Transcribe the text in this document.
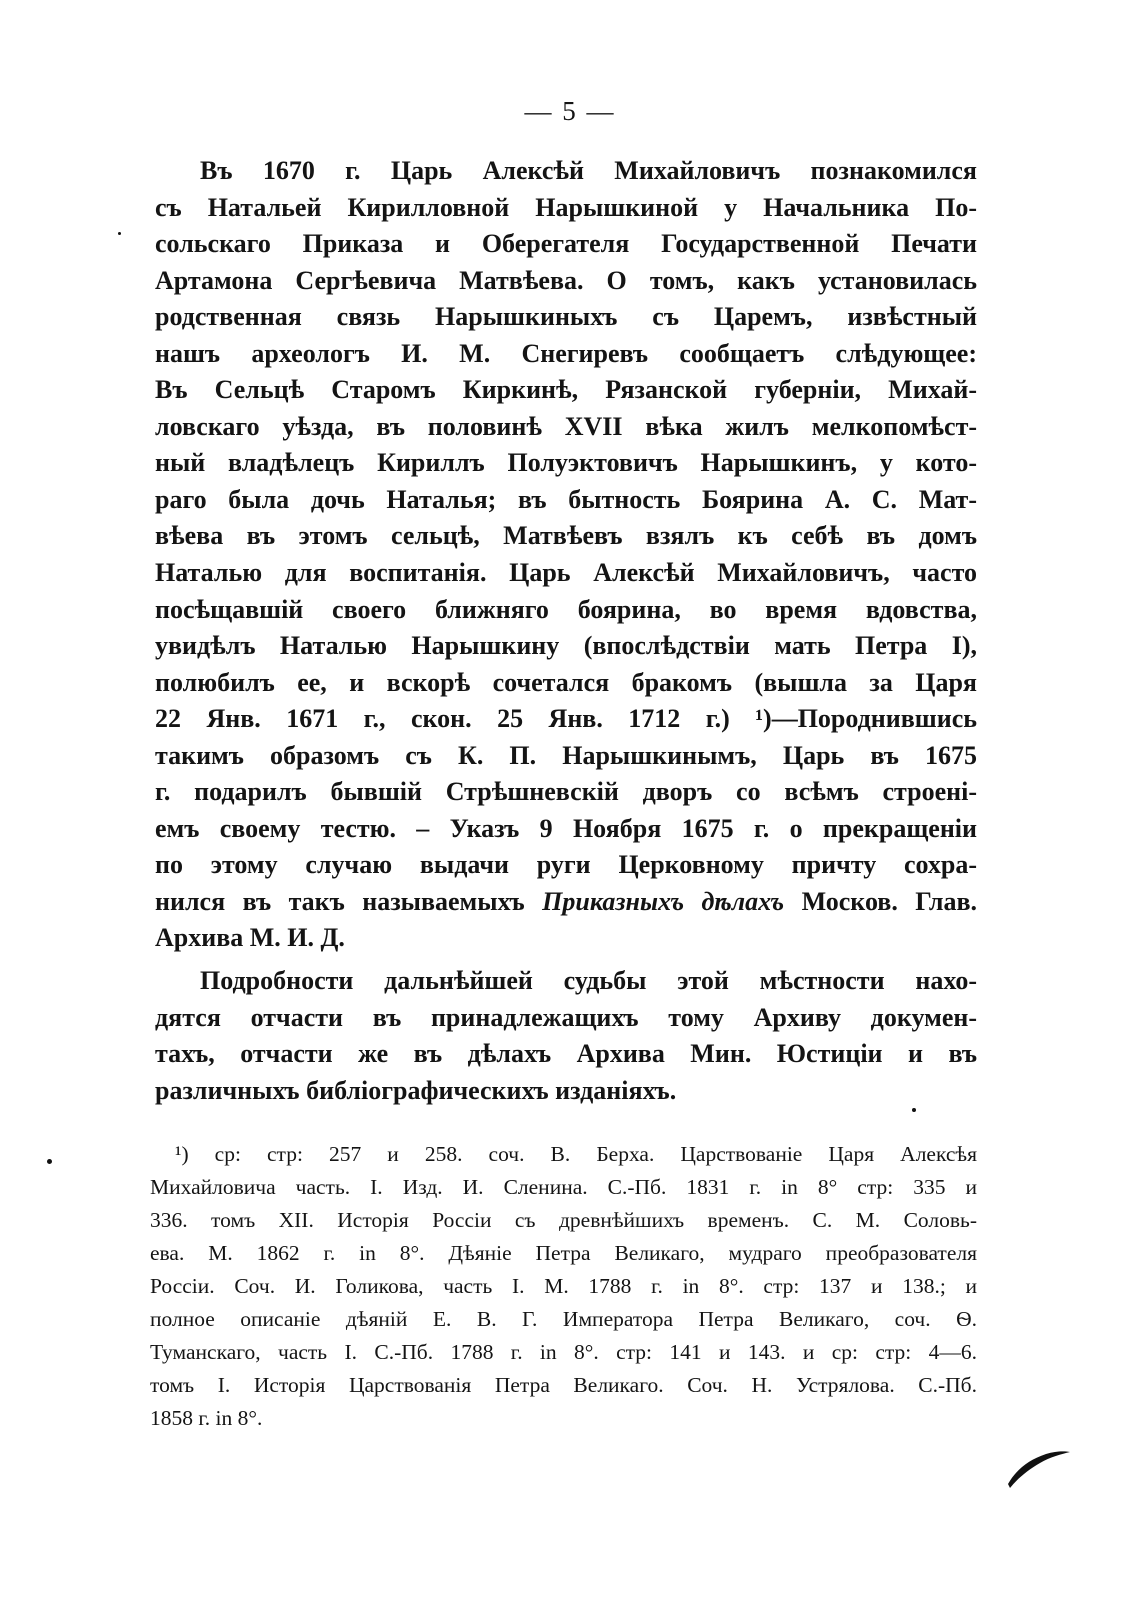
— 5 —
Въ 1670 г. Царь Алексѣй Михайловичъ познакомился
съ Натальей Кирилловной Нарышкиной у Начальника По-
сольскаго Приказа и Оберегателя Государственной Печати
Артамона Сергѣевича Матвѣева. О томъ, какъ установилась
родственная связь Нарышкиныхъ съ Царемъ, извѣстный
нашъ археологъ И. М. Снегиревъ сообщаетъ слѣдующее:
Въ Сельцѣ Старомъ Киркинѣ, Рязанской губерніи, Михай-
ловскаго уѣзда, въ половинѣ XVII вѣка жилъ мелкопомѣст-
ный владѣлецъ Кириллъ Полуэктовичъ Нарышкинъ, у кото-
раго была дочь Наталья; въ бытность Боярина А. С. Мат-
вѣева въ этомъ сельцѣ, Матвѣевъ взялъ къ себѣ въ домъ
Наталью для воспитанія. Царь Алексѣй Михайловичъ, часто
посѣщавшій своего ближняго боярина, во время вдовства,
увидѣлъ Наталью Нарышкину (впослѣдствіи мать Петра I),
полюбилъ ее, и вскорѣ сочетался бракомъ (вышла за Царя
22 Янв. 1671 г., скон. 25 Янв. 1712 г.) ¹)—Породнившись
такимъ образомъ съ К. П. Нарышкинымъ, Царь въ 1675
г. подарилъ бывшій Стрѣшневскій дворъ со всѣмъ строені-
емъ своему тестю. – Указъ 9 Ноября 1675 г. о прекращеніи
по этому случаю выдачи руги Церковному причту сохра-
нился въ такъ называемыхъ Приказныхъ дѣлахъ Москов. Глав.
Архива М. И. Д.
Подробности дальнѣйшей судьбы этой мѣстности нахо-
дятся отчасти въ принадлежащихъ тому Архиву докумен-
тахъ, отчасти же въ дѣлахъ Архива Мин. Юстиціи и въ
различныхъ библіографическихъ изданіяхъ.
¹) ср: стр: 257 и 258. соч. В. Берха. Царствованіе Царя Алексѣя
Михайловича часть. I. Изд. И. Сленина. С.-Пб. 1831 г. in 8° стр: 335 и
336. томъ XII. Исторія Россіи съ древнѣйшихъ временъ. С. М. Соловь-
ева. М. 1862 г. in 8°. Дѣяніе Петра Великаго, мудраго преобразователя
Россіи. Соч. И. Голикова, часть I. М. 1788 г. in 8°. стр: 137 и 138.; и
полное описаніе дѣяній Е. В. Г. Императора Петра Великаго, соч. Ѳ.
Туманскаго, часть I. С.-Пб. 1788 г. in 8°. стр: 141 и 143. и ср: стр: 4—6.
томъ I. Исторія Царствованія Петра Великаго. Соч. Н. Устрялова. С.-Пб.
1858 г. in 8°.
